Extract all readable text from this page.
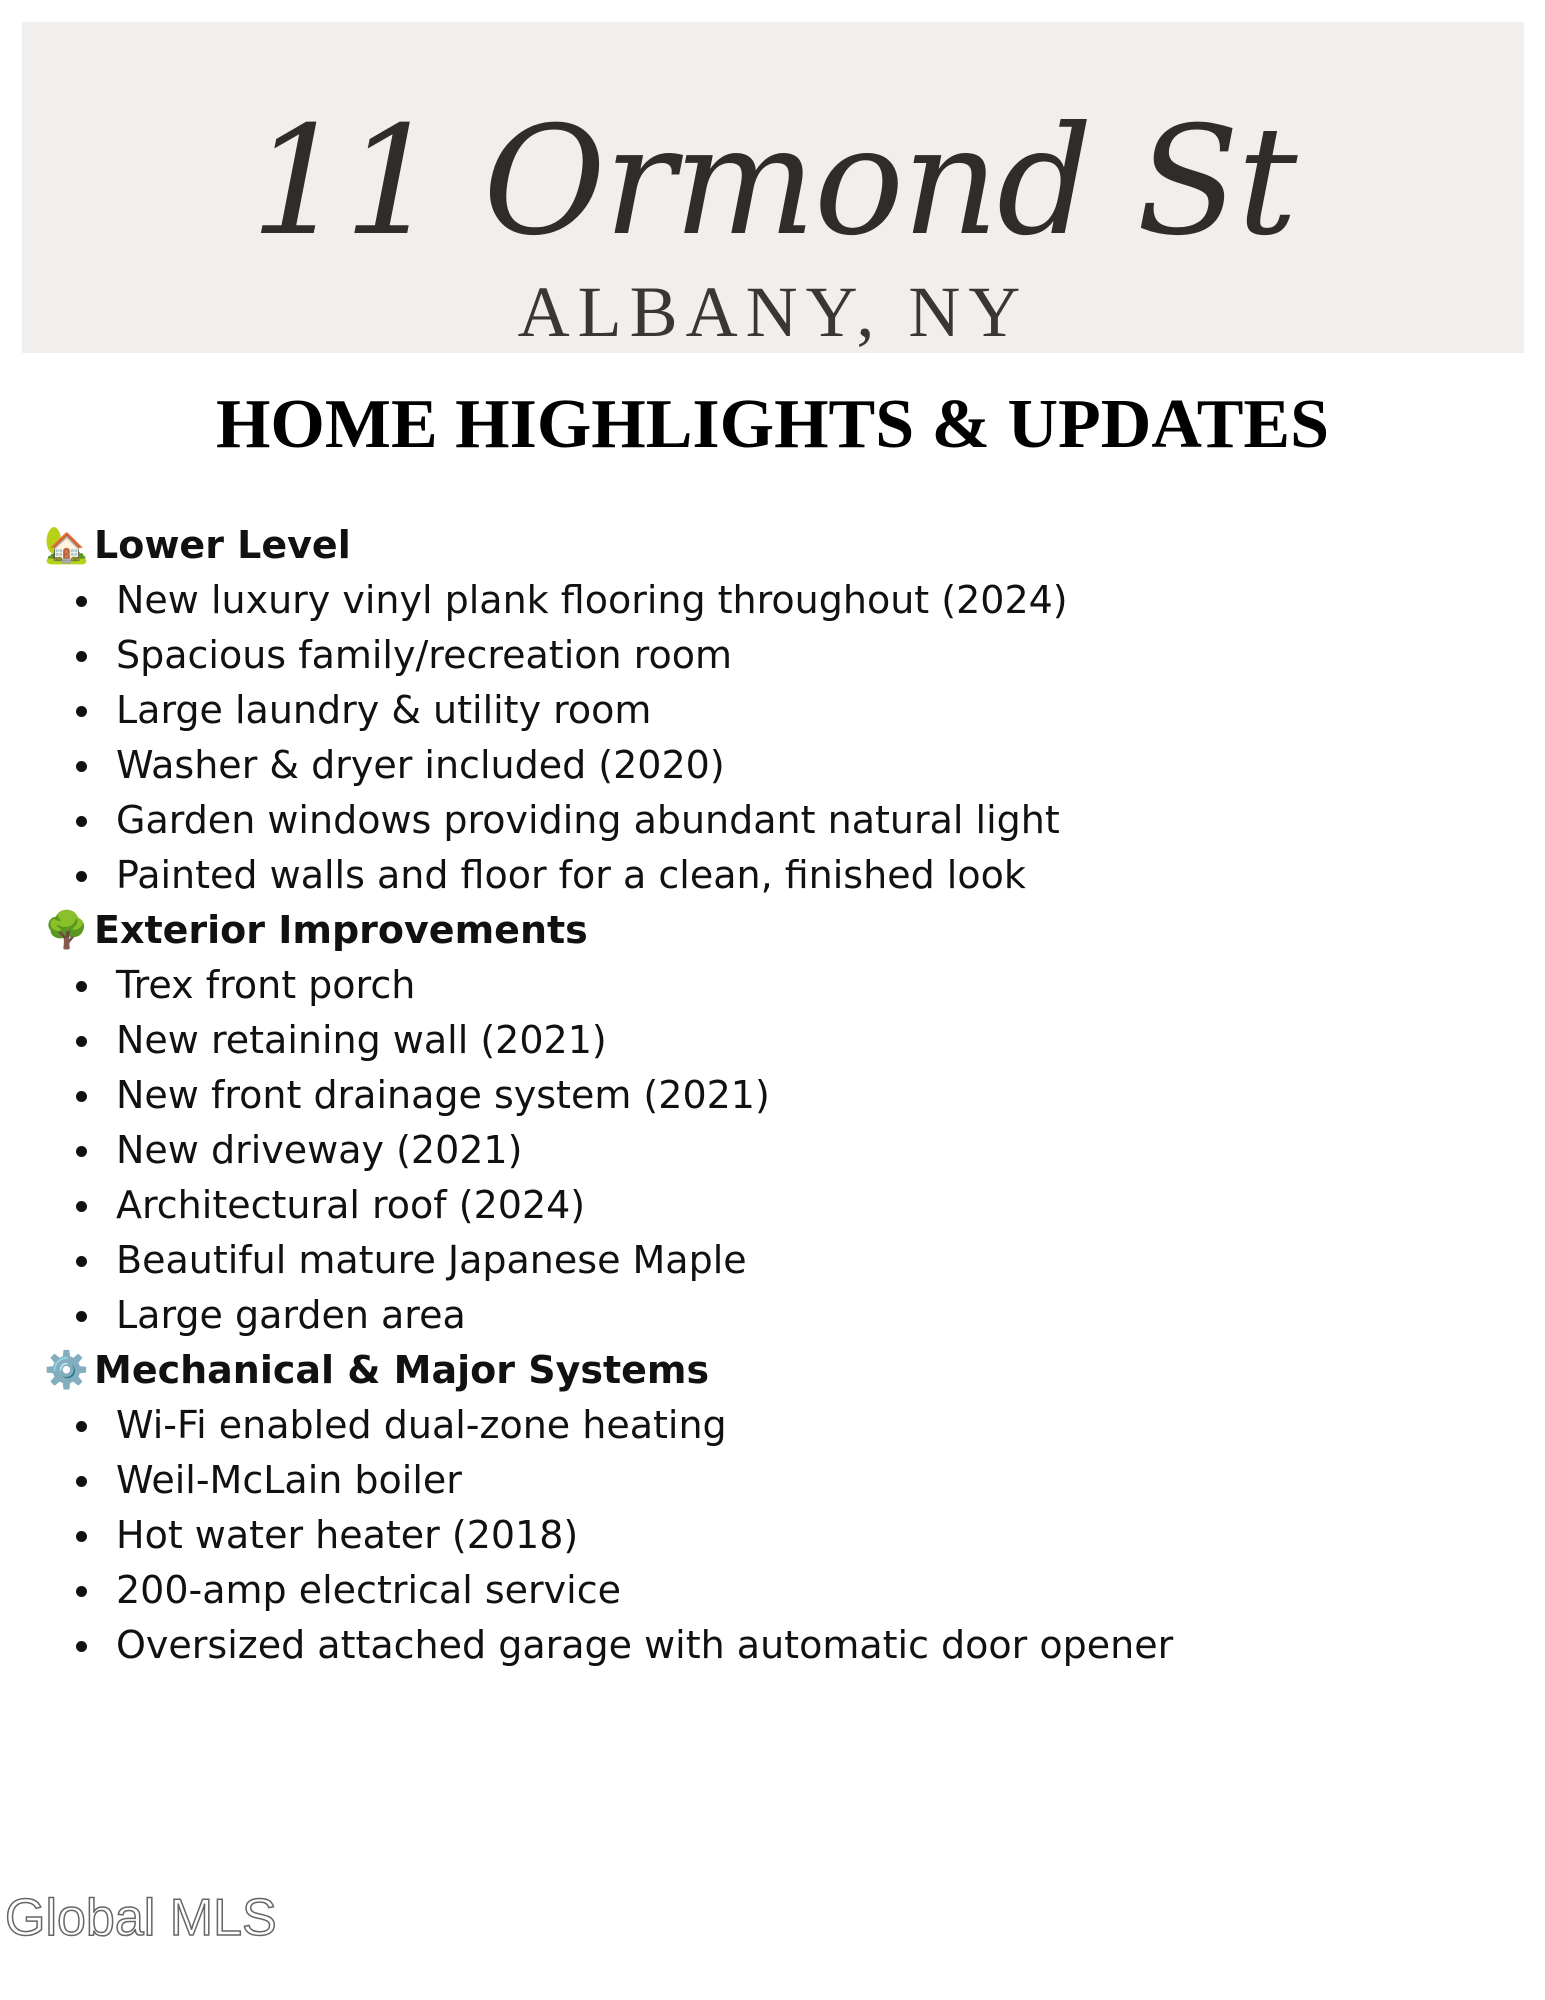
11 Ormond St
ALBANY, NY
HOME HIGHLIGHTS & UPDATES
🏡 Lower Level
New luxury vinyl plank flooring throughout (2024)
Spacious family/recreation room
Large laundry & utility room
Washer & dryer included (2020)
Garden windows providing abundant natural light
Painted walls and floor for a clean, finished look
🌳 Exterior Improvements
Trex front porch
New retaining wall (2021)
New front drainage system (2021)
New driveway (2021)
Architectural roof (2024)
Beautiful mature Japanese Maple
Large garden area
⚙️ Mechanical & Major Systems
Wi-Fi enabled dual-zone heating
Weil-McLain boiler
Hot water heater (2018)
200-amp electrical service
Oversized attached garage with automatic door opener
Global MLS
